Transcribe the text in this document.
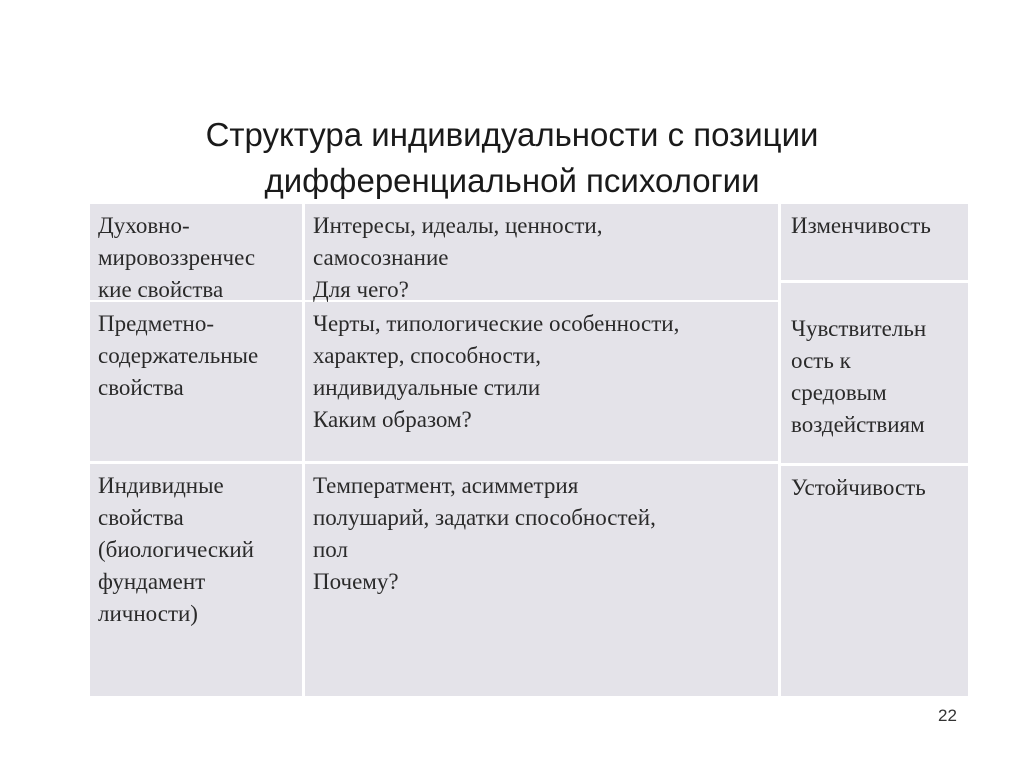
Структура индивидуальности с позиции
дифференциальной психологии
Духовно-
мировоззренчес
кие свойства
Интересы, идеалы, ценности,
самосознание
Для чего?
Предметно-
содержательные
свойства
Черты, типологические особенности,
характер, способности,
индивидуальные стили
Каким образом?
Индивидные
свойства
(биологический
фундамент
личности)
Температмент, асимметрия
полушарий, задатки способностей,
пол
Почему?
Изменчивость
Чувствительн
ость к
средовым
воздействиям
Устойчивость
22
